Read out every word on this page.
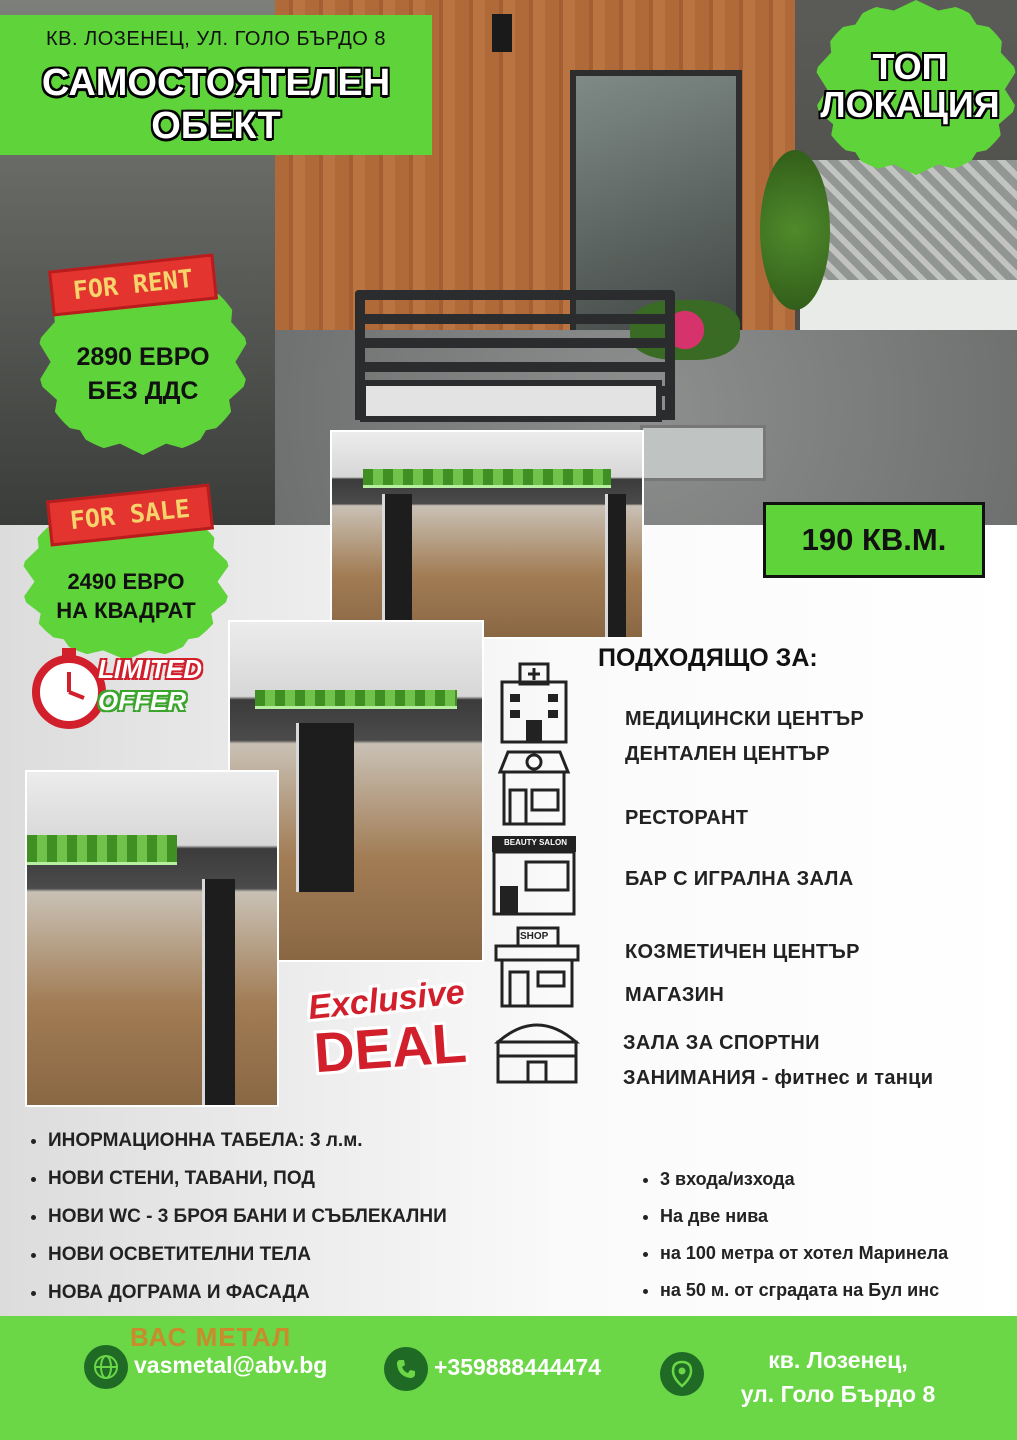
КВ. ЛОЗЕНЕЦ, УЛ. ГОЛО БЪРДО 8
САМОСТОЯТЕЛЕН
ОБЕКТ
ТОП
ЛОКАЦИЯ
FOR RENT
2890 ЕВРО
БЕЗ ДДС
FOR SALE
2490 ЕВРО
НА КВАДРАТ
LIMITED
OFFER
190 КВ.М.
Exclusive
DEAL
ПОДХОДЯЩО ЗА:
BEAUTY SALON
SHOP
МЕДИЦИНСКИ ЦЕНТЪР
ДЕНТАЛЕН ЦЕНТЪР
РЕСТОРАНТ
БАР С ИГРАЛНА ЗАЛА
КОЗМЕТИЧЕН ЦЕНТЪР
МАГАЗИН
ЗАЛА ЗА СПОРТНИ
ЗАНИМАНИЯ - фитнес и танци
• ИНОРМАЦИОННА ТАБЕЛА: 3 л.м.
• НОВИ СТЕНИ, ТАВАНИ, ПОД
• НОВИ WC - 3 БРОЯ БАНИ И СЪБЛЕКАЛНИ
• НОВИ ОСВЕТИТЕЛНИ ТЕЛА
• НОВА ДОГРАМА И ФАСАДА
• 3 входа/изхода
• На две нива
• на 100 метра от хотел Маринела
• на 50 м. от сградата на Бул инс
ВАС МЕТАЛ
vasmetal@abv.bg	+359888444474	кв. Лозенец,
ул. Голо Бърдо 8
